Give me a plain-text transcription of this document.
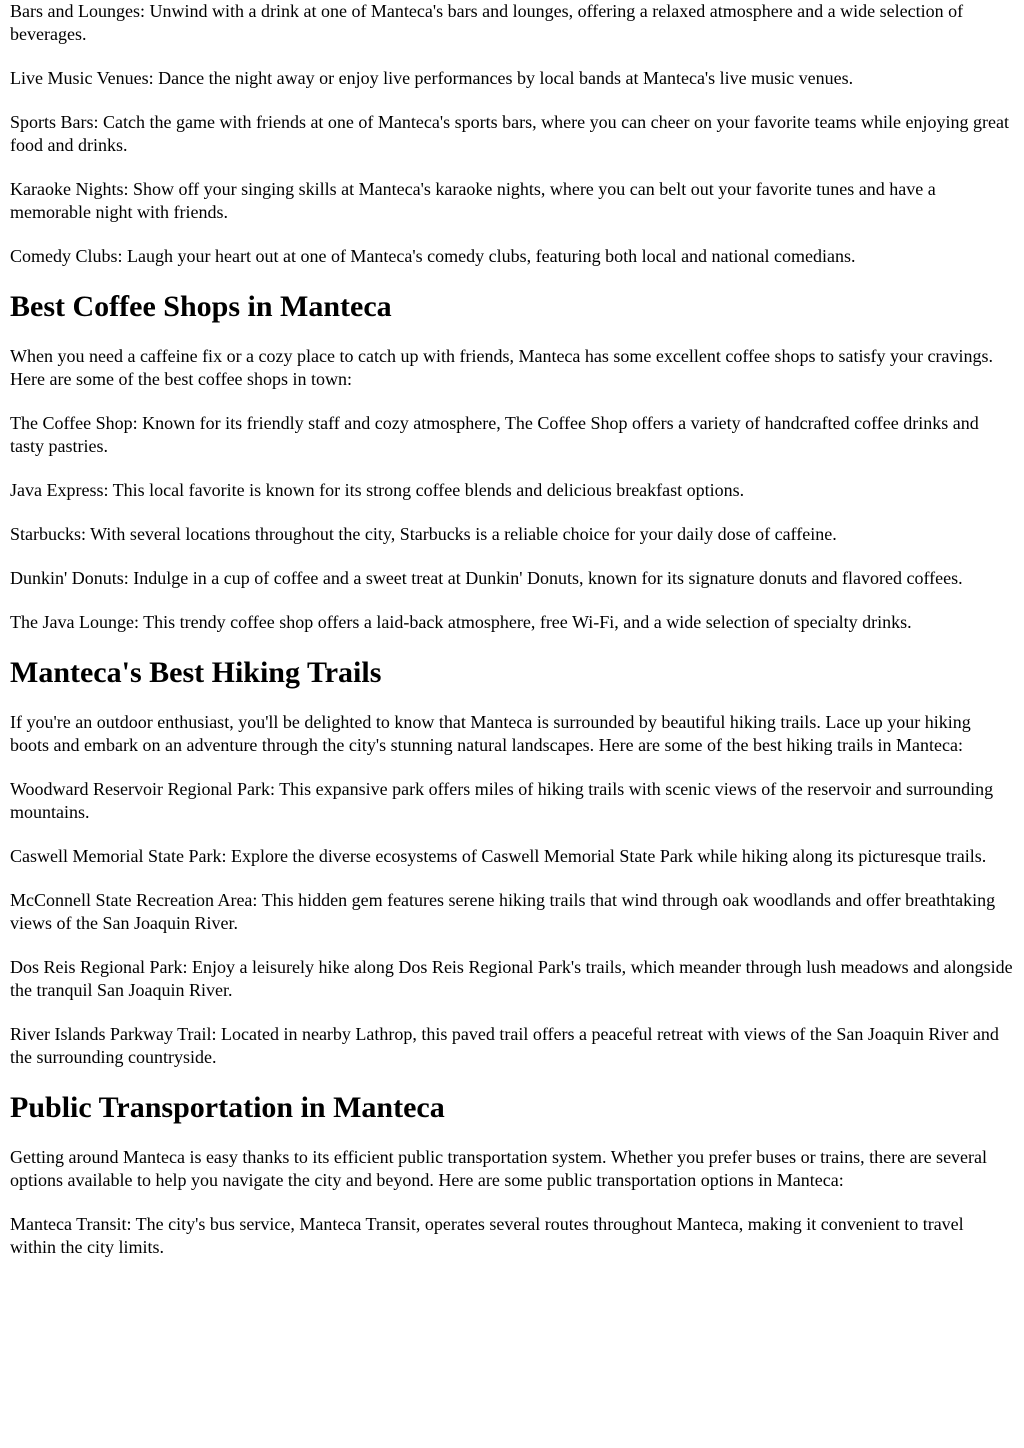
Bars and Lounges: Unwind with a drink at one of Manteca's bars and lounges, offering a relaxed atmosphere and a wide selection of beverages.

Live Music Venues: Dance the night away or enjoy live performances by local bands at Manteca's live music venues.

Sports Bars: Catch the game with friends at one of Manteca's sports bars, where you can cheer on your favorite teams while enjoying great food and drinks.

Karaoke Nights: Show off your singing skills at Manteca's karaoke nights, where you can belt out your favorite tunes and have a memorable night with friends.

Comedy Clubs: Laugh your heart out at one of Manteca's comedy clubs, featuring both local and national comedians.

Best Coffee Shops in Manteca

When you need a caffeine fix or a cozy place to catch up with friends, Manteca has some excellent coffee shops to satisfy your cravings. Here are some of the best coffee shops in town:

The Coffee Shop: Known for its friendly staff and cozy atmosphere, The Coffee Shop offers a variety of handcrafted coffee drinks and tasty pastries.

Java Express: This local favorite is known for its strong coffee blends and delicious breakfast options.

Starbucks: With several locations throughout the city, Starbucks is a reliable choice for your daily dose of caffeine.

Dunkin' Donuts: Indulge in a cup of coffee and a sweet treat at Dunkin' Donuts, known for its signature donuts and flavored coffees.

The Java Lounge: This trendy coffee shop offers a laid-back atmosphere, free Wi-Fi, and a wide selection of specialty drinks.

Manteca's Best Hiking Trails

If you're an outdoor enthusiast, you'll be delighted to know that Manteca is surrounded by beautiful hiking trails. Lace up your hiking boots and embark on an adventure through the city's stunning natural landscapes. Here are some of the best hiking trails in Manteca:

Woodward Reservoir Regional Park: This expansive park offers miles of hiking trails with scenic views of the reservoir and surrounding mountains.

Caswell Memorial State Park: Explore the diverse ecosystems of Caswell Memorial State Park while hiking along its picturesque trails.

McConnell State Recreation Area: This hidden gem features serene hiking trails that wind through oak woodlands and offer breathtaking views of the San Joaquin River.

Dos Reis Regional Park: Enjoy a leisurely hike along Dos Reis Regional Park's trails, which meander through lush meadows and alongside the tranquil San Joaquin River.

River Islands Parkway Trail: Located in nearby Lathrop, this paved trail offers a peaceful retreat with views of the San Joaquin River and the surrounding countryside.

Public Transportation in Manteca

Getting around Manteca is easy thanks to its efficient public transportation system. Whether you prefer buses or trains, there are several options available to help you navigate the city and beyond. Here are some public transportation options in Manteca:

Manteca Transit: The city's bus service, Manteca Transit, operates several routes throughout Manteca, making it convenient to travel within the city limits.
